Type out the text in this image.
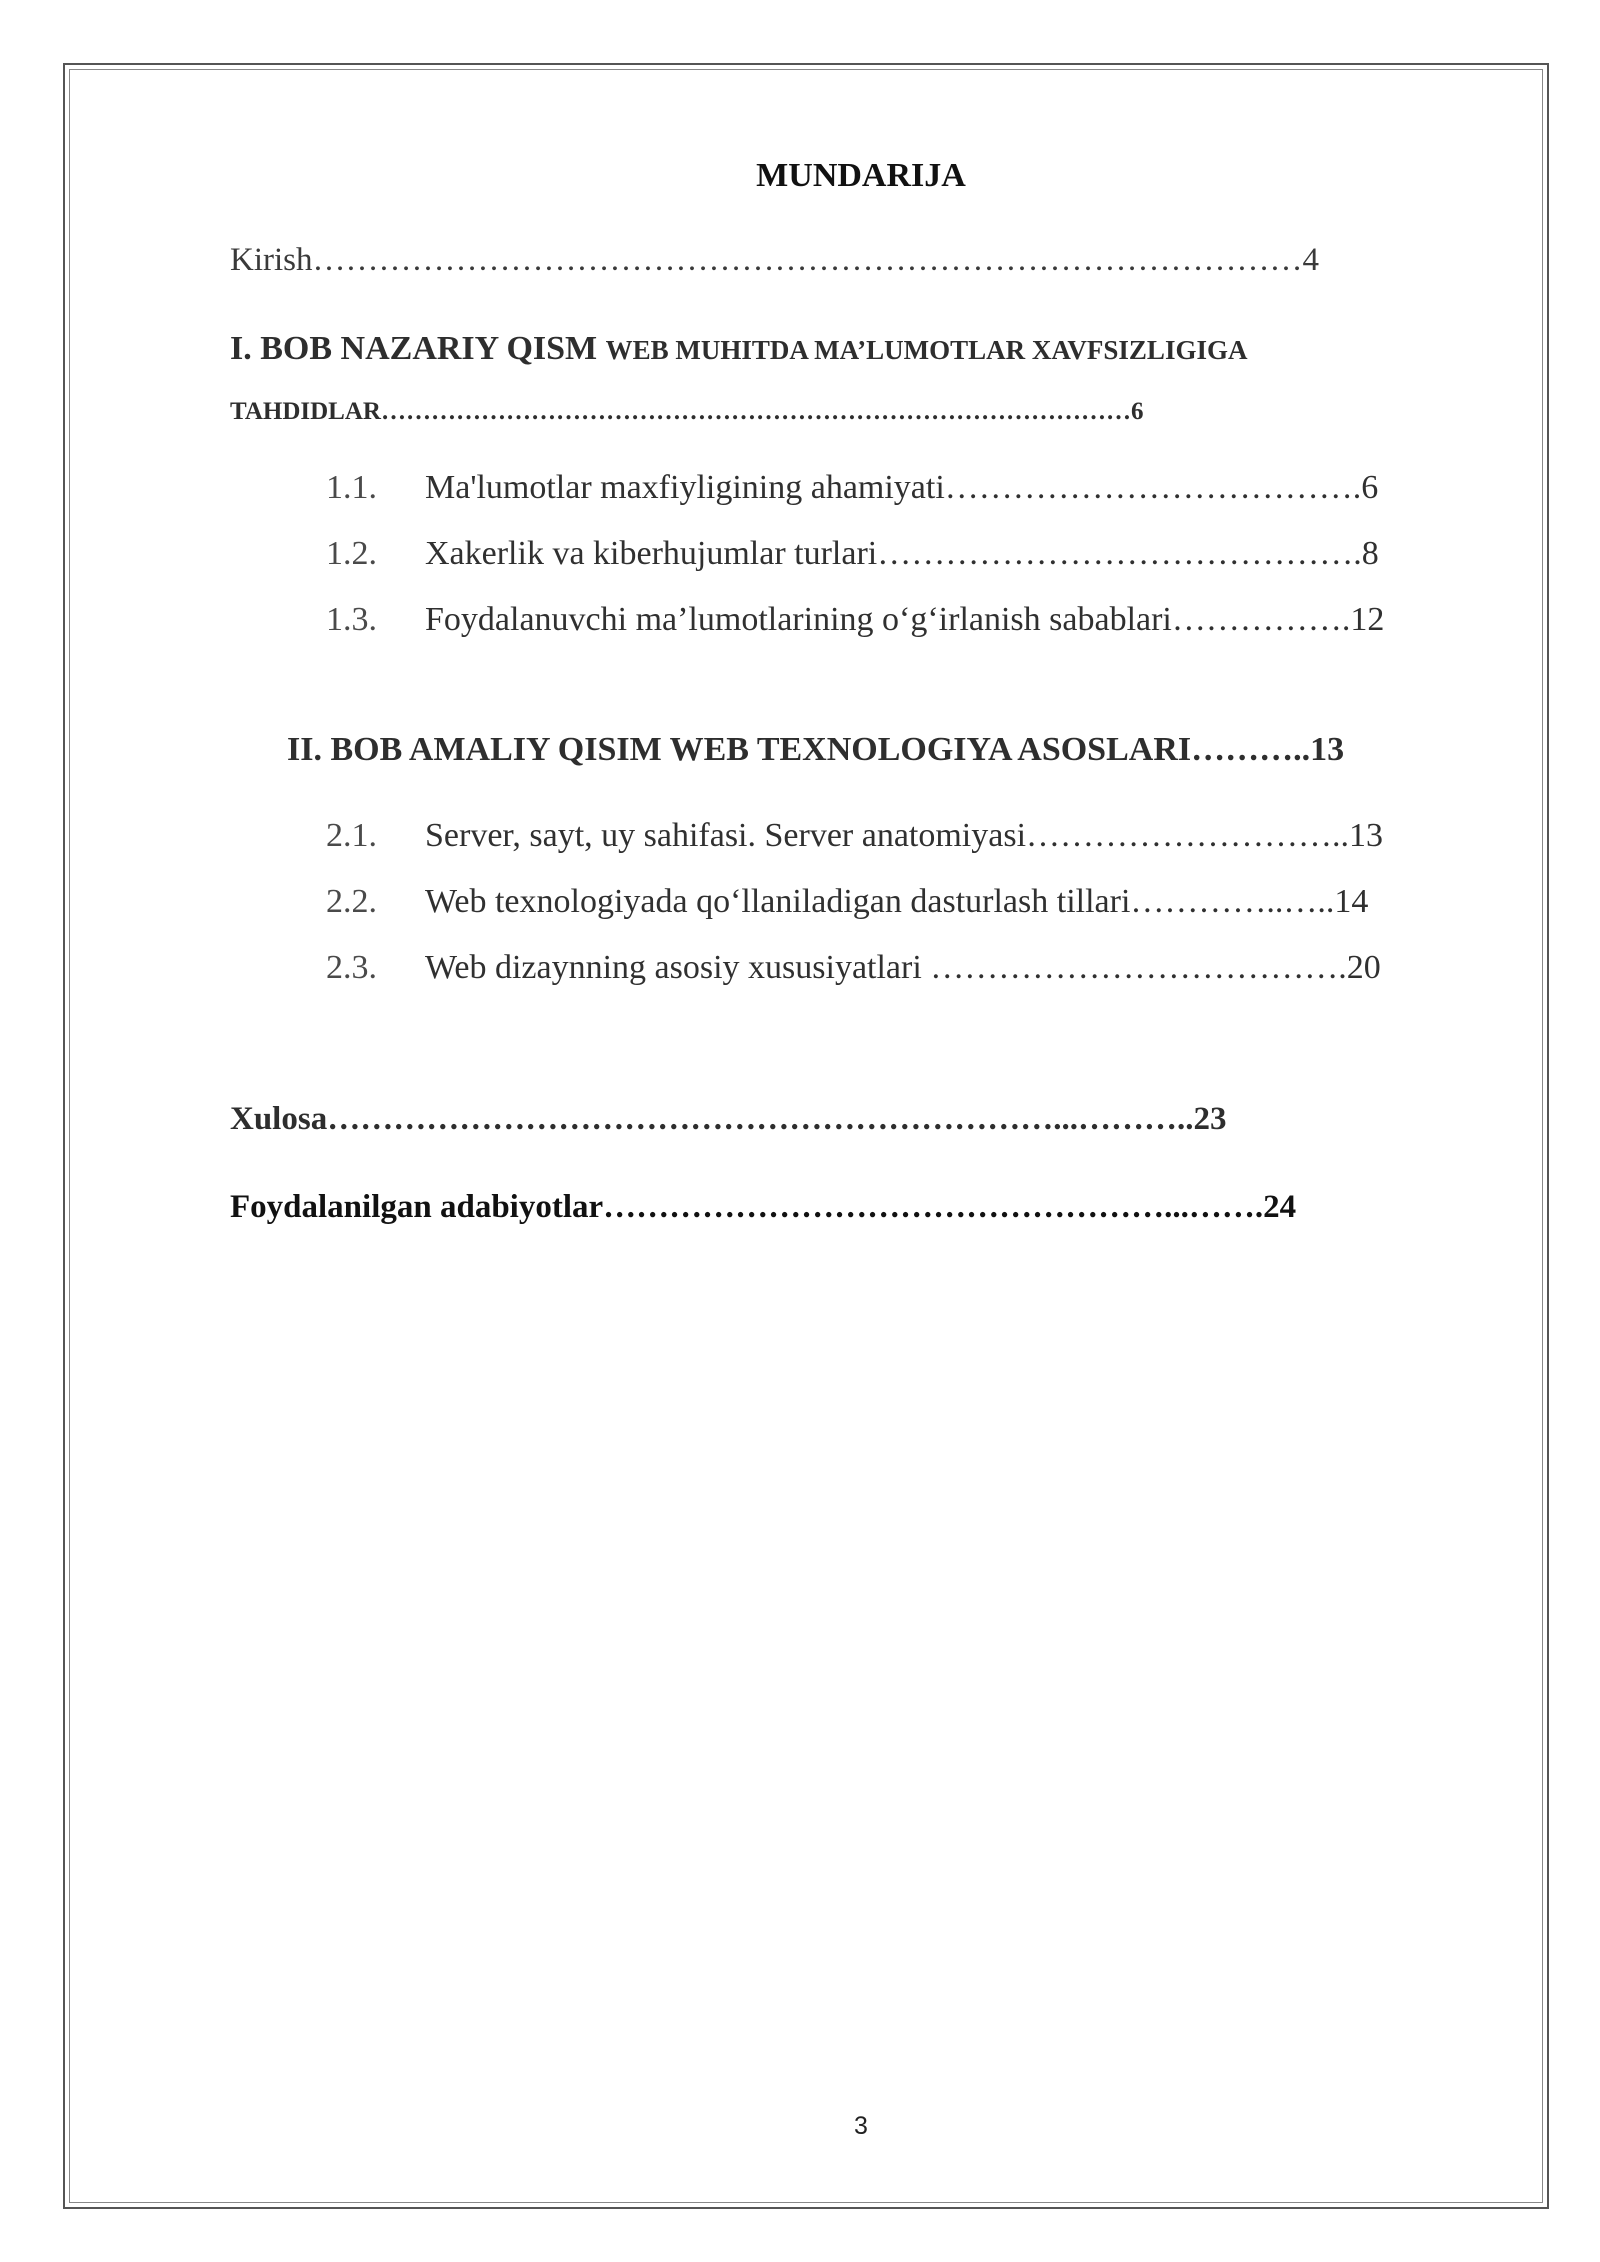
MUNDARIJA
Kirish………………………………………………………………………………4
I. BOB NAZARIY QISM WEB MUHITDA MA’LUMOTLAR XAVFSIZLIGIGA
TAHDIDLAR………………………………………………………………………………6
1.1. Ma'lumotlar maxfiyligining ahamiyati……………………………….6
1.2. Xakerlik va kiberhujumlar turlari…………………………………….8
1.3. Foydalanuvchi ma’lumotlarining o‘g‘irlanish sabablari…………….12
II. BOB AMALIY QISIM WEB TEXNOLOGIYA ASOSLARI………..13
2.1. Server, sayt, uy sahifasi. Server anatomiyasi………………………..13
2.2. Web texnologiyada qo‘llaniladigan dasturlash tillari…………..…..14
2.3. Web dizaynning asosiy xususiyatlari ……………………………….20
Xulosa…………………………………………………………...………..23
Foydalanilgan adabiyotlar……………………………………………...…….24
3
